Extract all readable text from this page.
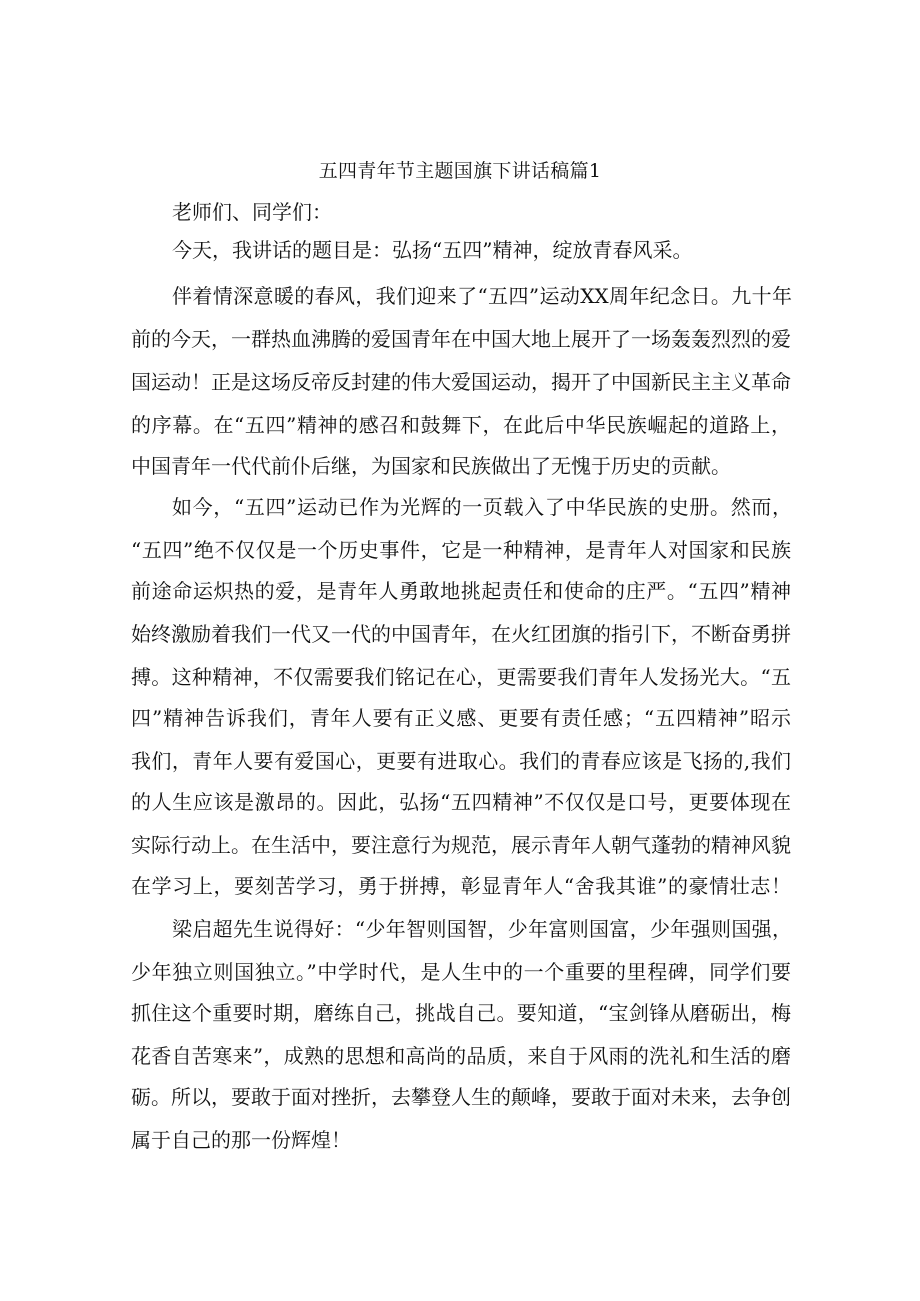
五四青年节主题国旗下讲话稿篇1
老师们、同学们：
今天，我讲话的题目是：弘扬“五四”精神，绽放青春风采。
伴着情深意暖的春风，我们迎来了“五四”运动XX周年纪念日。九十年
前的今天，一群热血沸腾的爱国青年在中国大地上展开了一场轰轰烈烈的爱
国运动！正是这场反帝反封建的伟大爱国运动，揭开了中国新民主主义革命
的序幕。在“五四”精神的感召和鼓舞下，在此后中华民族崛起的道路上，
中国青年一代代前仆后继，为国家和民族做出了无愧于历史的贡献。
如今，“五四”运动已作为光辉的一页载入了中华民族的史册。然而，
“五四”绝不仅仅是一个历史事件，它是一种精神，是青年人对国家和民族
前途命运炽热的爱，是青年人勇敢地挑起责任和使命的庄严。“五四”精神
始终激励着我们一代又一代的中国青年，在火红团旗的指引下，不断奋勇拼
搏。这种精神，不仅需要我们铭记在心，更需要我们青年人发扬光大。“五
四”精神告诉我们，青年人要有正义感、更要有责任感；“五四精神”昭示
我们，青年人要有爱国心，更要有进取心。我们的青春应该是飞扬的,我们
的人生应该是激昂的。因此，弘扬“五四精神”不仅仅是口号，更要体现在
实际行动上。在生活中，要注意行为规范，展示青年人朝气蓬勃的精神风貌
在学习上，要刻苦学习，勇于拼搏，彰显青年人“舍我其谁”的豪情壮志！
梁启超先生说得好：“少年智则国智，少年富则国富，少年强则国强，
少年独立则国独立。”中学时代，是人生中的一个重要的里程碑，同学们要
抓住这个重要时期，磨练自己，挑战自己。要知道，“宝剑锋从磨砺出，梅
花香自苦寒来”，成熟的思想和高尚的品质，来自于风雨的洗礼和生活的磨
砺。所以，要敢于面对挫折，去攀登人生的颠峰，要敢于面对未来，去争创
属于自己的那一份辉煌！
